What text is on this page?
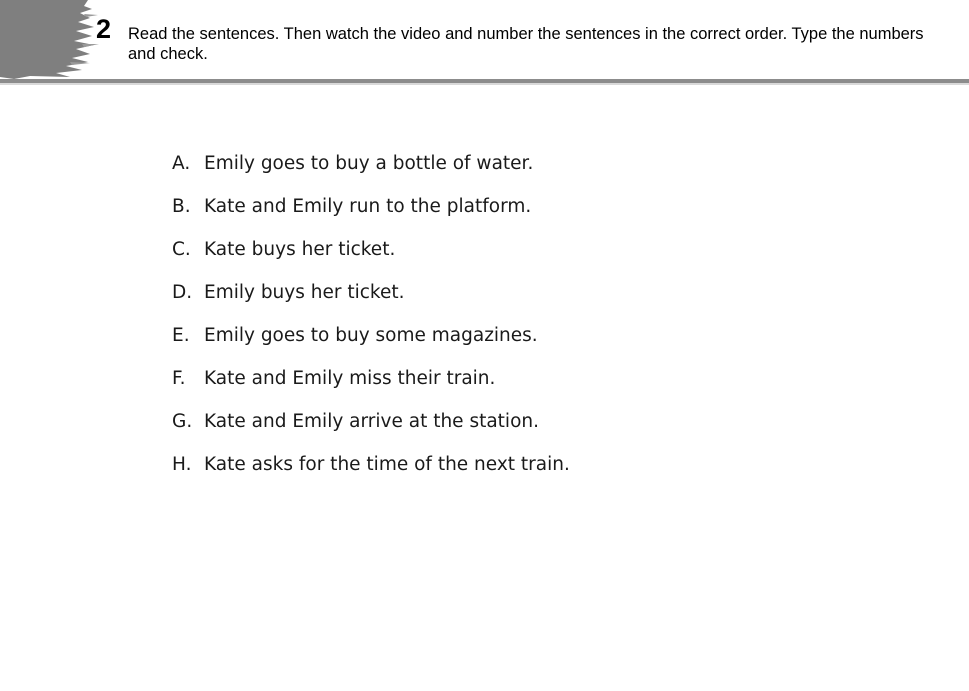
2 Read the sentences. Then watch the video and number the sentences in the correct order. Type the numbers and check.
A. Emily goes to buy a bottle of water.
B. Kate and Emily run to the platform.
C. Kate buys her ticket.
D. Emily buys her ticket.
E. Emily goes to buy some magazines.
F. Kate and Emily miss their train.
G. Kate and Emily arrive at the station.
H. Kate asks for the time of the next train.
